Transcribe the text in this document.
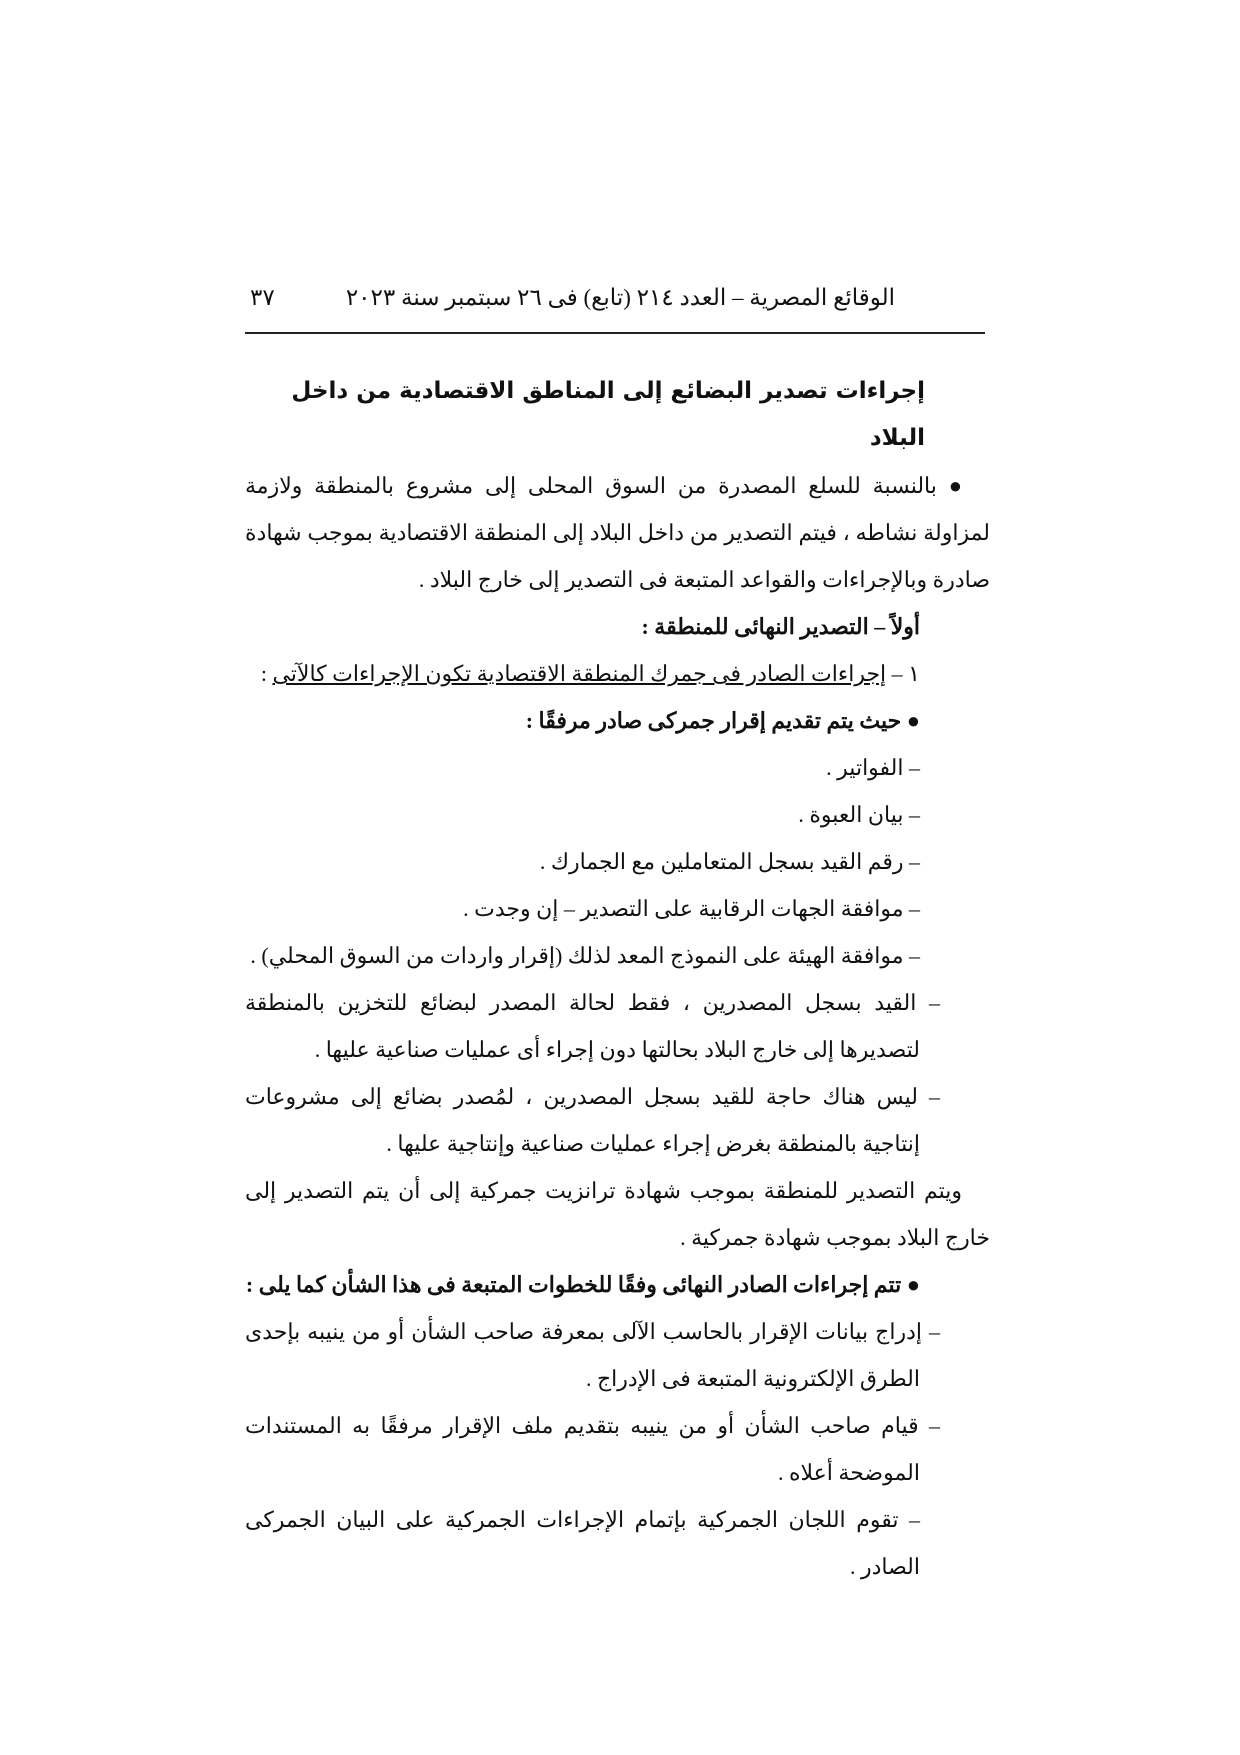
الوقائع المصرية – العدد ٢١٤ (تابع) فى ٢٦ سبتمبر سنة ٢٠٢٣
٣٧

إجراءات تصدير البضائع إلى المناطق الاقتصادية من داخل البلاد

● بالنسبة للسلع المصدرة من السوق المحلى إلى مشروع بالمنطقة ولازمة لمزاولة نشاطه ، فيتم التصدير من داخل البلاد إلى المنطقة الاقتصادية بموجب شهادة صادرة وبالإجراءات والقواعد المتبعة فى التصدير إلى خارج البلاد .

أولاً – التصدير النهائى للمنطقة :

١ – إجراءات الصادر فى جمرك المنطقة الاقتصادية تكون الإجراءات كالآتى :

● حيث يتم تقديم إقرار جمركى صادر مرفقًا :

– الفواتير .

– بيان العبوة .

– رقم القيد بسجل المتعاملين مع الجمارك .

– موافقة الجهات الرقابية على التصدير – إن وجدت .

– موافقة الهيئة على النموذج المعد لذلك (إقرار واردات من السوق المحلي) .

– القيد بسجل المصدرين ، فقط لحالة المصدر لبضائع للتخزين بالمنطقة لتصديرها إلى خارج البلاد بحالتها دون إجراء أى عمليات صناعية عليها .

– ليس هناك حاجة للقيد بسجل المصدرين ، لمُصدر بضائع إلى مشروعات إنتاجية بالمنطقة بغرض إجراء عمليات صناعية وإنتاجية عليها .

ويتم التصدير للمنطقة بموجب شهادة ترانزيت جمركية إلى أن يتم التصدير إلى خارج البلاد بموجب شهادة جمركية .

● تتم إجراءات الصادر النهائى وفقًا للخطوات المتبعة فى هذا الشأن كما يلى :

– إدراج بيانات الإقرار بالحاسب الآلى بمعرفة صاحب الشأن أو من ينيبه بإحدى الطرق الإلكترونية المتبعة فى الإدراج .

– قيام صاحب الشأن أو من ينيبه بتقديم ملف الإقرار مرفقًا به المستندات الموضحة أعلاه .

– تقوم اللجان الجمركية بإتمام الإجراءات الجمركية على البيان الجمركى الصادر .
